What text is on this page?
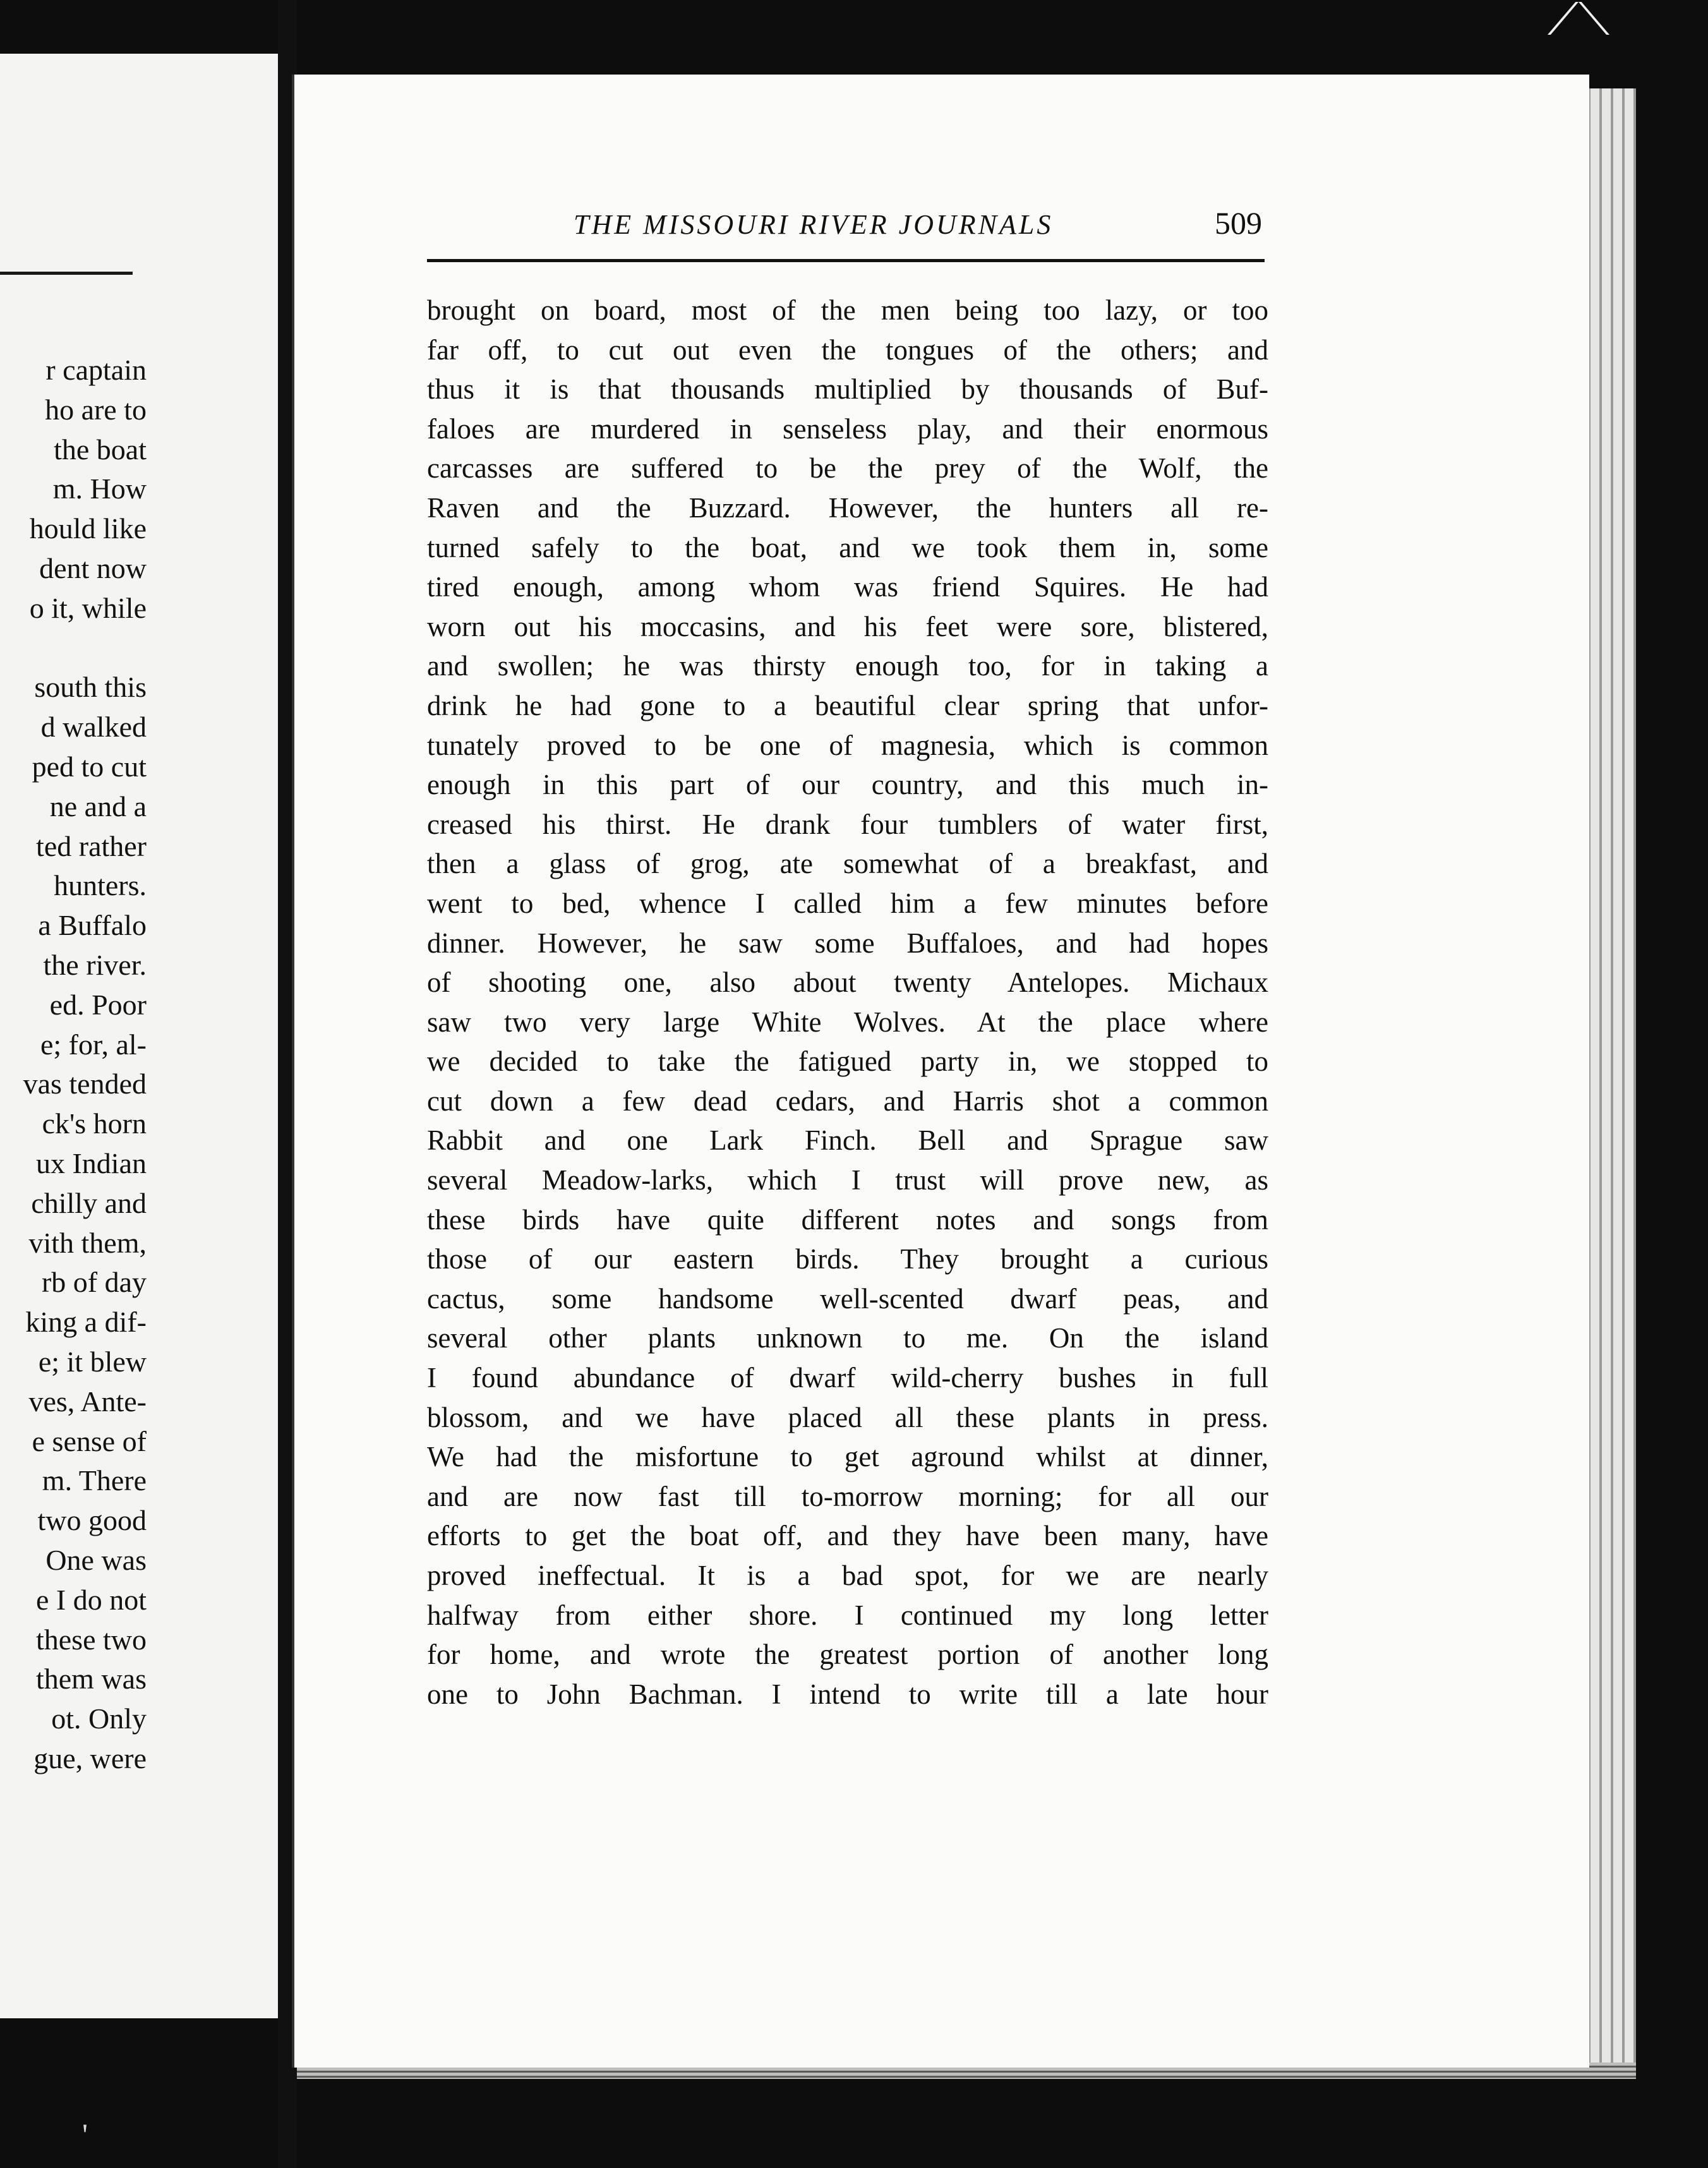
r captain
ho are to
the boat
m. How
hould like
dent now
o it, while
south this
d walked
ped to cut
ne and a
ted rather
hunters.
a Buffalo
the river.
ed. Poor
e; for, al-
vas tended
ck's horn
ux Indian
chilly and
vith them,
rb of day
king a dif-
e; it blew
ves, Ante-
e sense of
m. There
two good
One was
e I do not
these two
them was
ot. Only
gue, were
THE MISSOURI RIVER JOURNALS	509
brought on board, most of the men being too lazy, or too
far off, to cut out even the tongues of the others; and
thus it is that thousands multiplied by thousands of Buf-
faloes are murdered in senseless play, and their enormous
carcasses are suffered to be the prey of the Wolf, the
Raven and the Buzzard. However, the hunters all re-
turned safely to the boat, and we took them in, some
tired enough, among whom was friend Squires. He had
worn out his moccasins, and his feet were sore, blistered,
and swollen; he was thirsty enough too, for in taking a
drink he had gone to a beautiful clear spring that unfor-
tunately proved to be one of magnesia, which is common
enough in this part of our country, and this much in-
creased his thirst. He drank four tumblers of water first,
then a glass of grog, ate somewhat of a breakfast, and
went to bed, whence I called him a few minutes before
dinner. However, he saw some Buffaloes, and had hopes
of shooting one, also about twenty Antelopes. Michaux
saw two very large White Wolves. At the place where
we decided to take the fatigued party in, we stopped to
cut down a few dead cedars, and Harris shot a common
Rabbit and one Lark Finch. Bell and Sprague saw
several Meadow-larks, which I trust will prove new, as
these birds have quite different notes and songs from
those of our eastern birds. They brought a curious
cactus, some handsome well-scented dwarf peas, and
several other plants unknown to me. On the island
I found abundance of dwarf wild-cherry bushes in full
blossom, and we have placed all these plants in press.
We had the misfortune to get aground whilst at dinner,
and are now fast till to-morrow morning; for all our
efforts to get the boat off, and they have been many, have
proved ineffectual. It is a bad spot, for we are nearly
halfway from either shore. I continued my long letter
for home, and wrote the greatest portion of another long
one to John Bachman. I intend to write till a late hour
⟋⟍
'
